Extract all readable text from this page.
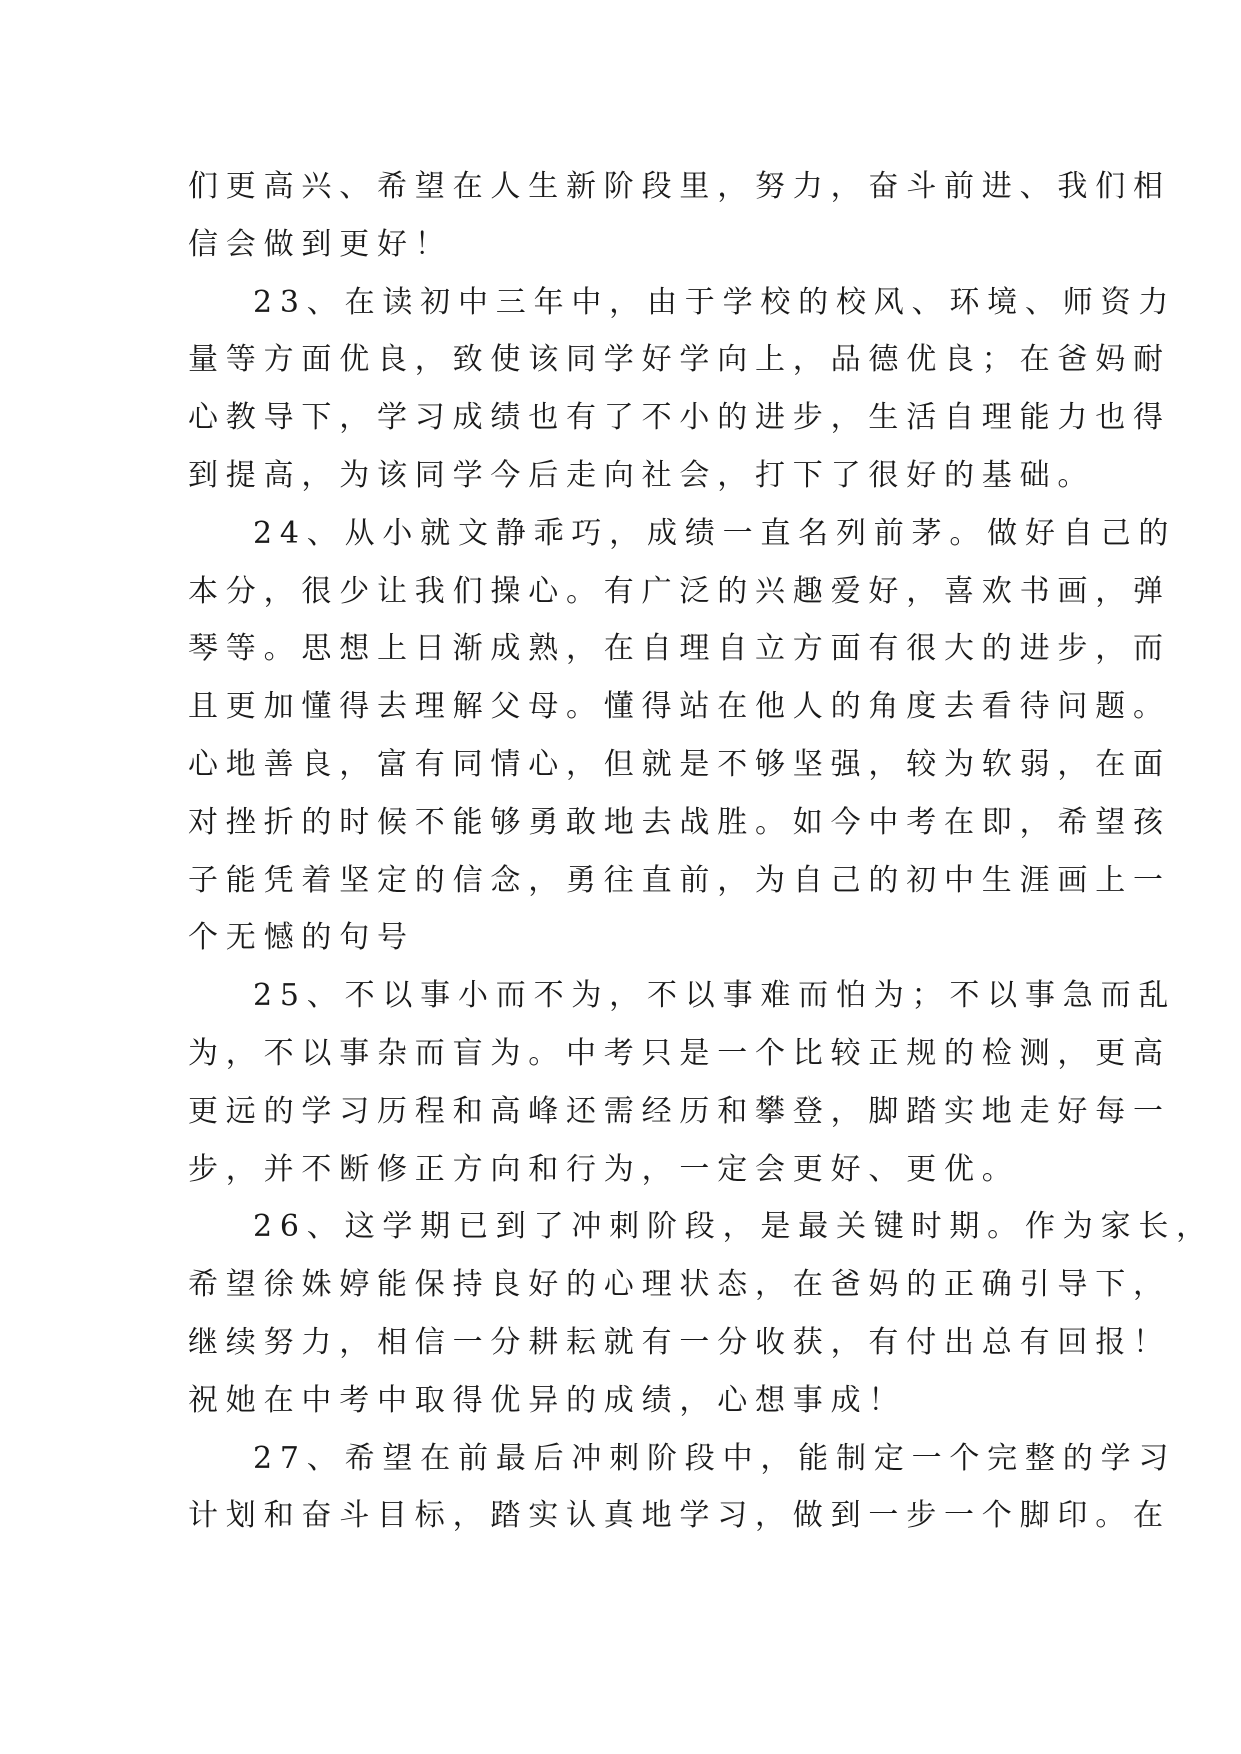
们更高兴、希望在人生新阶段里，努力，奋斗前进、我们相
信会做到更好！
23、在读初中三年中，由于学校的校风、环境、师资力
量等方面优良，致使该同学好学向上，品德优良；在爸妈耐
心教导下，学习成绩也有了不小的进步，生活自理能力也得
到提高，为该同学今后走向社会，打下了很好的基础。
24、从小就文静乖巧，成绩一直名列前茅。做好自己的
本分，很少让我们操心。有广泛的兴趣爱好，喜欢书画，弹
琴等。思想上日渐成熟，在自理自立方面有很大的进步，而
且更加懂得去理解父母。懂得站在他人的角度去看待问题。
心地善良，富有同情心，但就是不够坚强，较为软弱，在面
对挫折的时候不能够勇敢地去战胜。如今中考在即，希望孩
子能凭着坚定的信念，勇往直前，为自己的初中生涯画上一
个无憾的句号
25、不以事小而不为，不以事难而怕为；不以事急而乱
为，不以事杂而盲为。中考只是一个比较正规的检测，更高
更远的学习历程和高峰还需经历和攀登，脚踏实地走好每一
步，并不断修正方向和行为，一定会更好、更优。
26、这学期已到了冲刺阶段，是最关键时期。作为家长，
希望徐姝婷能保持良好的心理状态，在爸妈的正确引导下，
继续努力，相信一分耕耘就有一分收获，有付出总有回报！
祝她在中考中取得优异的成绩，心想事成！
27、希望在前最后冲刺阶段中，能制定一个完整的学习
计划和奋斗目标，踏实认真地学习，做到一步一个脚印。在
